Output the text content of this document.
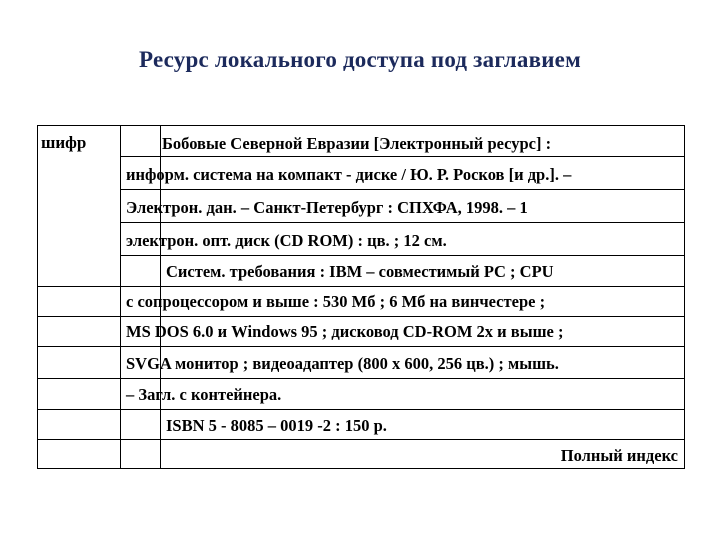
Ресурс локального доступа под заглавием
шифр	Бобовые Северной Евразии [Электронный ресурс] :
информ. система на компакт - диске / Ю. Р. Росков [и др.]. –
Электрон. дан. – Санкт-Петербург : СПХФА, 1998. – 1
электрон. опт. диск (CD ROM) : цв. ; 12 см.
Систем. требования : IBM – совместимый PC ; CPU
с сопроцессором и выше : 530 Мб ; 6 Мб на винчестере ;
MS DOS 6.0 и Windows 95 ; дисковод CD-ROM 2x и выше ;
SVGA монитор ; видеоадаптер (800 x 600, 256 цв.) ; мышь.
– Загл. с контейнера.
ISBN 5 - 8085 – 0019 -2 : 150 р.
Полный индекс
